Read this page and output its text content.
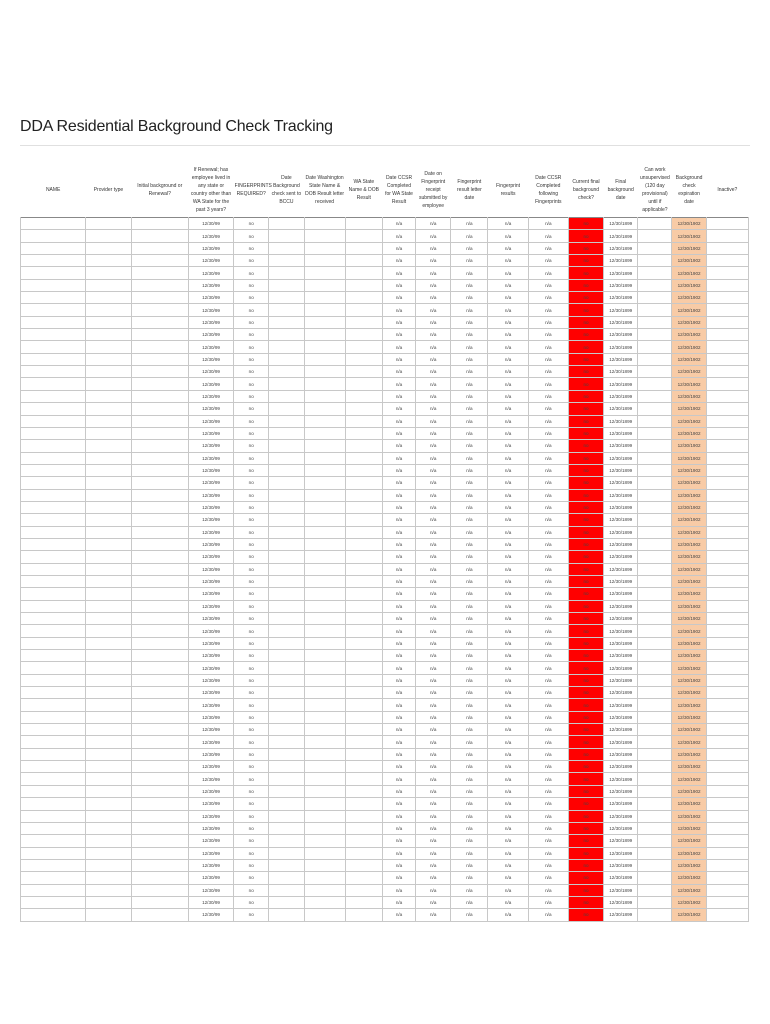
DDA Residential Background Check Tracking
NAME	Provider type	Initial background or Renewal?	If Renewal; has employee lived in any state or country other than WA State for the past 3 years?	FINGERPRINTS REQUIRED?	Date Background check sent to BCCU	Date Washington State Name & DOB Result letter received	WA State Name & DOB Result	Date CCSR Completed for WA State Result	Date on Fingerprint receipt submitted by employee	Fingerprint result letter date	Fingerprint results	Date CCSR Completed following Fingerprints	Current final background check?	Final background date	Can work unsupervised (120 day provisional) until if applicable?	Background check expiration date	Inactive?
			12/30/99	no				n/a	n/a	n/a	n/a	n/a	no	12/30/1899		12/30/1902	
			12/30/99	no				n/a	n/a	n/a	n/a	n/a	no	12/30/1899		12/30/1902	
			12/30/99	no				n/a	n/a	n/a	n/a	n/a	no	12/30/1899		12/30/1902	
			12/30/99	no				n/a	n/a	n/a	n/a	n/a	no	12/30/1899		12/30/1902	
			12/30/99	no				n/a	n/a	n/a	n/a	n/a	no	12/30/1899		12/30/1902	
			12/30/99	no				n/a	n/a	n/a	n/a	n/a	no	12/30/1899		12/30/1902	
			12/30/99	no				n/a	n/a	n/a	n/a	n/a	no	12/30/1899		12/30/1902	
			12/30/99	no				n/a	n/a	n/a	n/a	n/a	no	12/30/1899		12/30/1902	
			12/30/99	no				n/a	n/a	n/a	n/a	n/a	no	12/30/1899		12/30/1902	
			12/30/99	no				n/a	n/a	n/a	n/a	n/a	no	12/30/1899		12/30/1902	
			12/30/99	no				n/a	n/a	n/a	n/a	n/a	no	12/30/1899		12/30/1902	
			12/30/99	no				n/a	n/a	n/a	n/a	n/a	no	12/30/1899		12/30/1902	
			12/30/99	no				n/a	n/a	n/a	n/a	n/a	no	12/30/1899		12/30/1902	
			12/30/99	no				n/a	n/a	n/a	n/a	n/a	no	12/30/1899		12/30/1902	
			12/30/99	no				n/a	n/a	n/a	n/a	n/a	no	12/30/1899		12/30/1902	
			12/30/99	no				n/a	n/a	n/a	n/a	n/a	no	12/30/1899		12/30/1902	
			12/30/99	no				n/a	n/a	n/a	n/a	n/a	no	12/30/1899		12/30/1902	
			12/30/99	no				n/a	n/a	n/a	n/a	n/a	no	12/30/1899		12/30/1902	
			12/30/99	no				n/a	n/a	n/a	n/a	n/a	no	12/30/1899		12/30/1902	
			12/30/99	no				n/a	n/a	n/a	n/a	n/a	no	12/30/1899		12/30/1902	
			12/30/99	no				n/a	n/a	n/a	n/a	n/a	no	12/30/1899		12/30/1902	
			12/30/99	no				n/a	n/a	n/a	n/a	n/a	no	12/30/1899		12/30/1902	
			12/30/99	no				n/a	n/a	n/a	n/a	n/a	no	12/30/1899		12/30/1902	
			12/30/99	no				n/a	n/a	n/a	n/a	n/a	no	12/30/1899		12/30/1902	
			12/30/99	no				n/a	n/a	n/a	n/a	n/a	no	12/30/1899		12/30/1902	
			12/30/99	no				n/a	n/a	n/a	n/a	n/a	no	12/30/1899		12/30/1902	
			12/30/99	no				n/a	n/a	n/a	n/a	n/a	no	12/30/1899		12/30/1902	
			12/30/99	no				n/a	n/a	n/a	n/a	n/a	no	12/30/1899		12/30/1902	
			12/30/99	no				n/a	n/a	n/a	n/a	n/a	no	12/30/1899		12/30/1902	
			12/30/99	no				n/a	n/a	n/a	n/a	n/a	no	12/30/1899		12/30/1902	
			12/30/99	no				n/a	n/a	n/a	n/a	n/a	no	12/30/1899		12/30/1902	
			12/30/99	no				n/a	n/a	n/a	n/a	n/a	no	12/30/1899		12/30/1902	
			12/30/99	no				n/a	n/a	n/a	n/a	n/a	no	12/30/1899		12/30/1902	
			12/30/99	no				n/a	n/a	n/a	n/a	n/a	no	12/30/1899		12/30/1902	
			12/30/99	no				n/a	n/a	n/a	n/a	n/a	no	12/30/1899		12/30/1902	
			12/30/99	no				n/a	n/a	n/a	n/a	n/a	no	12/30/1899		12/30/1902	
			12/30/99	no				n/a	n/a	n/a	n/a	n/a	no	12/30/1899		12/30/1902	
			12/30/99	no				n/a	n/a	n/a	n/a	n/a	no	12/30/1899		12/30/1902	
			12/30/99	no				n/a	n/a	n/a	n/a	n/a	no	12/30/1899		12/30/1902	
			12/30/99	no				n/a	n/a	n/a	n/a	n/a	no	12/30/1899		12/30/1902	
			12/30/99	no				n/a	n/a	n/a	n/a	n/a	no	12/30/1899		12/30/1902	
			12/30/99	no				n/a	n/a	n/a	n/a	n/a	no	12/30/1899		12/30/1902	
			12/30/99	no				n/a	n/a	n/a	n/a	n/a	no	12/30/1899		12/30/1902	
			12/30/99	no				n/a	n/a	n/a	n/a	n/a	no	12/30/1899		12/30/1902	
			12/30/99	no				n/a	n/a	n/a	n/a	n/a	no	12/30/1899		12/30/1902	
			12/30/99	no				n/a	n/a	n/a	n/a	n/a	no	12/30/1899		12/30/1902	
			12/30/99	no				n/a	n/a	n/a	n/a	n/a	no	12/30/1899		12/30/1902	
			12/30/99	no				n/a	n/a	n/a	n/a	n/a	no	12/30/1899		12/30/1902	
			12/30/99	no				n/a	n/a	n/a	n/a	n/a	no	12/30/1899		12/30/1902	
			12/30/99	no				n/a	n/a	n/a	n/a	n/a	no	12/30/1899		12/30/1902	
			12/30/99	no				n/a	n/a	n/a	n/a	n/a	no	12/30/1899		12/30/1902	
			12/30/99	no				n/a	n/a	n/a	n/a	n/a	no	12/30/1899		12/30/1902	
			12/30/99	no				n/a	n/a	n/a	n/a	n/a	no	12/30/1899		12/30/1902	
			12/30/99	no				n/a	n/a	n/a	n/a	n/a	no	12/30/1899		12/30/1902	
			12/30/99	no				n/a	n/a	n/a	n/a	n/a	no	12/30/1899		12/30/1902	
			12/30/99	no				n/a	n/a	n/a	n/a	n/a	no	12/30/1899		12/30/1902	
			12/30/99	no				n/a	n/a	n/a	n/a	n/a	no	12/30/1899		12/30/1902	
